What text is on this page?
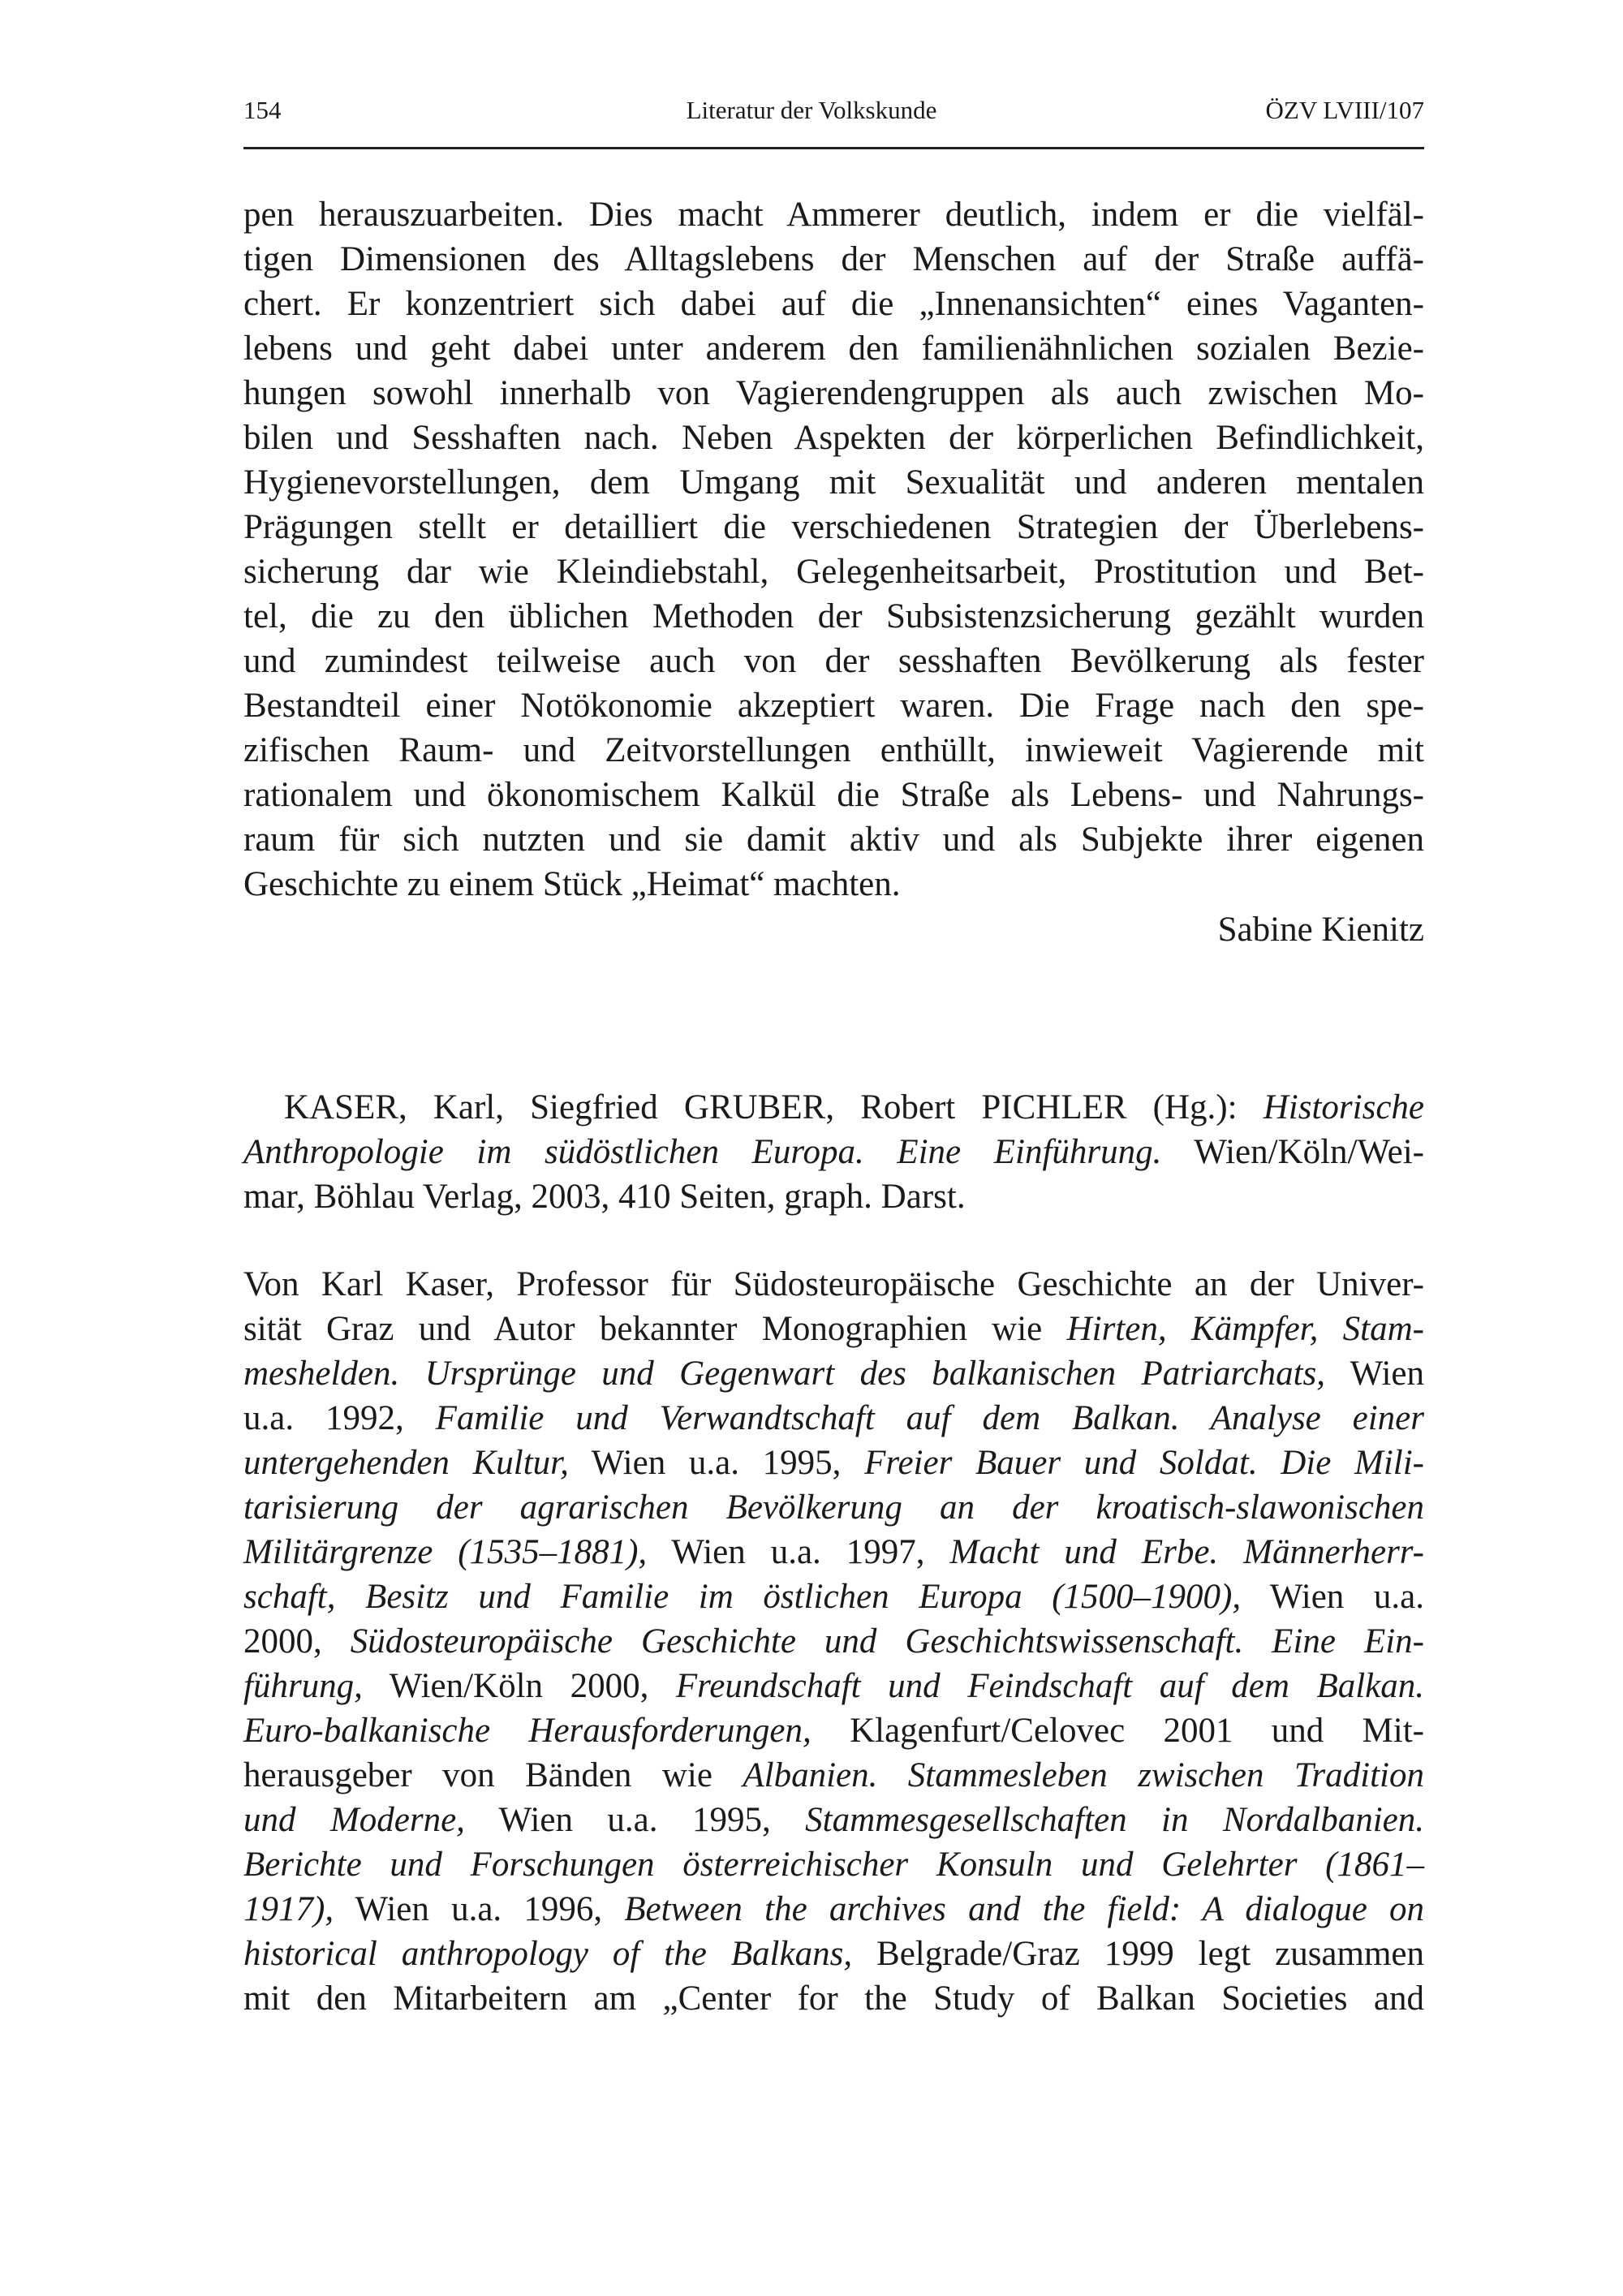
154	Literatur der Volkskunde	ÖZV LVIII/107
pen herauszuarbeiten. Dies macht Ammerer deutlich, indem er die vielfäl-
tigen Dimensionen des Alltagslebens der Menschen auf der Straße auffä-
chert. Er konzentriert sich dabei auf die „Innenansichten“ eines Vaganten-
lebens und geht dabei unter anderem den familienähnlichen sozialen Bezie-
hungen sowohl innerhalb von Vagierendengruppen als auch zwischen Mo-
bilen und Sesshaften nach. Neben Aspekten der körperlichen Befindlichkeit,
Hygienevorstellungen, dem Umgang mit Sexualität und anderen mentalen
Prägungen stellt er detailliert die verschiedenen Strategien der Überlebens-
sicherung dar wie Kleindiebstahl, Gelegenheitsarbeit, Prostitution und Bet-
tel, die zu den üblichen Methoden der Subsistenzsicherung gezählt wurden
und zumindest teilweise auch von der sesshaften Bevölkerung als fester
Bestandteil einer Notökonomie akzeptiert waren. Die Frage nach den spe-
zifischen Raum- und Zeitvorstellungen enthüllt, inwieweit Vagierende mit
rationalem und ökonomischem Kalkül die Straße als Lebens- und Nahrungs-
raum für sich nutzten und sie damit aktiv und als Subjekte ihrer eigenen
Geschichte zu einem Stück „Heimat“ machten.
Sabine Kienitz
KASER, Karl, Siegfried GRUBER, Robert PICHLER (Hg.): Historische
Anthropologie im südöstlichen Europa. Eine Einführung. Wien/Köln/Wei-
mar, Böhlau Verlag, 2003, 410 Seiten, graph. Darst.
Von Karl Kaser, Professor für Südosteuropäische Geschichte an der Univer-
sität Graz und Autor bekannter Monographien wie Hirten, Kämpfer, Stam-
meshelden. Ursprünge und Gegenwart des balkanischen Patriarchats, Wien
u.a. 1992, Familie und Verwandtschaft auf dem Balkan. Analyse einer
untergehenden Kultur, Wien u.a. 1995, Freier Bauer und Soldat. Die Mili-
tarisierung der agrarischen Bevölkerung an der kroatisch-slawonischen
Militärgrenze (1535–1881), Wien u.a. 1997, Macht und Erbe. Männerherr-
schaft, Besitz und Familie im östlichen Europa (1500–1900), Wien u.a.
2000, Südosteuropäische Geschichte und Geschichtswissenschaft. Eine Ein-
führung, Wien/Köln 2000, Freundschaft und Feindschaft auf dem Balkan.
Euro-balkanische Herausforderungen, Klagenfurt/Celovec 2001 und Mit-
herausgeber von Bänden wie Albanien. Stammesleben zwischen Tradition
und Moderne, Wien u.a. 1995, Stammesgesellschaften in Nordalbanien.
Berichte und Forschungen österreichischer Konsuln und Gelehrter (1861–
1917), Wien u.a. 1996, Between the archives and the field: A dialogue on
historical anthropology of the Balkans, Belgrade/Graz 1999 legt zusammen
mit den Mitarbeitern am „Center for the Study of Balkan Societies and
